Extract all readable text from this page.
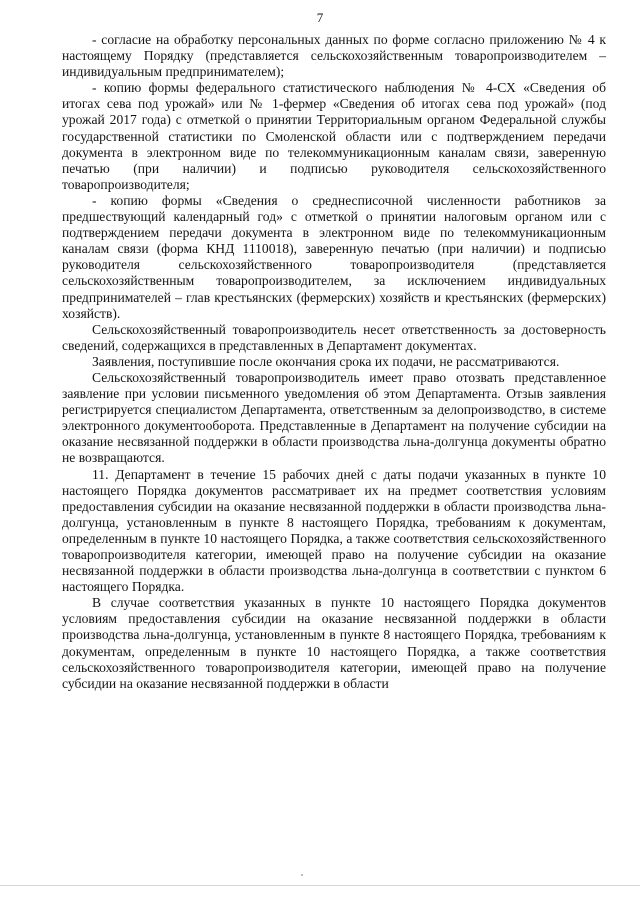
7

- согласие на обработку персональных данных по форме согласно приложению № 4 к настоящему Порядку (представляется сельскохозяйственным товаропроизводителем – индивидуальным предпринимателем);

- копию формы федерального статистического наблюдения № 4-СХ «Сведения об итогах сева под урожай» или № 1-фермер «Сведения об итогах сева под урожай» (под урожай 2017 года) с отметкой о принятии Территориальным органом Федеральной службы государственной статистики по Смоленской области или с подтверждением передачи документа в электронном виде по телекоммуникационным каналам связи, заверенную печатью (при наличии) и подписью руководителя сельскохозяйственного товаропроизводителя;

- копию формы «Сведения о среднесписочной численности работников за предшествующий календарный год» с отметкой о принятии налоговым органом или с подтверждением передачи документа в электронном виде по телекоммуникационным каналам связи (форма КНД 1110018), заверенную печатью (при наличии) и подписью руководителя сельскохозяйственного товаропроизводителя (представляется сельскохозяйственным товаропроизводителем, за исключением индивидуальных предпринимателей – глав крестьянских (фермерских) хозяйств и крестьянских (фермерских) хозяйств).

Сельскохозяйственный товаропроизводитель несет ответственность за достоверность сведений, содержащихся в представленных в Департамент документах.

Заявления, поступившие после окончания срока их подачи, не рассматриваются.

Сельскохозяйственный товаропроизводитель имеет право отозвать представленное заявление при условии письменного уведомления об этом Департамента. Отзыв заявления регистрируется специалистом Департамента, ответственным за делопроизводство, в системе электронного документооборота. Представленные в Департамент на получение субсидии на оказание несвязанной поддержки в области производства льна-долгунца документы обратно не возвращаются.

11. Департамент в течение 15 рабочих дней с даты подачи указанных в пункте 10 настоящего Порядка документов рассматривает их на предмет соответствия условиям предоставления субсидии на оказание несвязанной поддержки в области производства льна-долгунца, установленным в пункте 8 настоящего Порядка, требованиям к документам, определенным в пункте 10 настоящего Порядка, а также соответствия сельскохозяйственного товаропроизводителя категории, имеющей право на получение субсидии на оказание несвязанной поддержки в области производства льна-долгунца в соответствии с пунктом 6 настоящего Порядка.

В случае соответствия указанных в пункте 10 настоящего Порядка документов условиям предоставления субсидии на оказание несвязанной поддержки в области производства льна-долгунца, установленным в пункте 8 настоящего Порядка, требованиям к документам, определенным в пункте 10 настоящего Порядка, а также соответствия сельскохозяйственного товаропроизводителя категории, имеющей право на получение субсидии на оказание несвязанной поддержки в области
